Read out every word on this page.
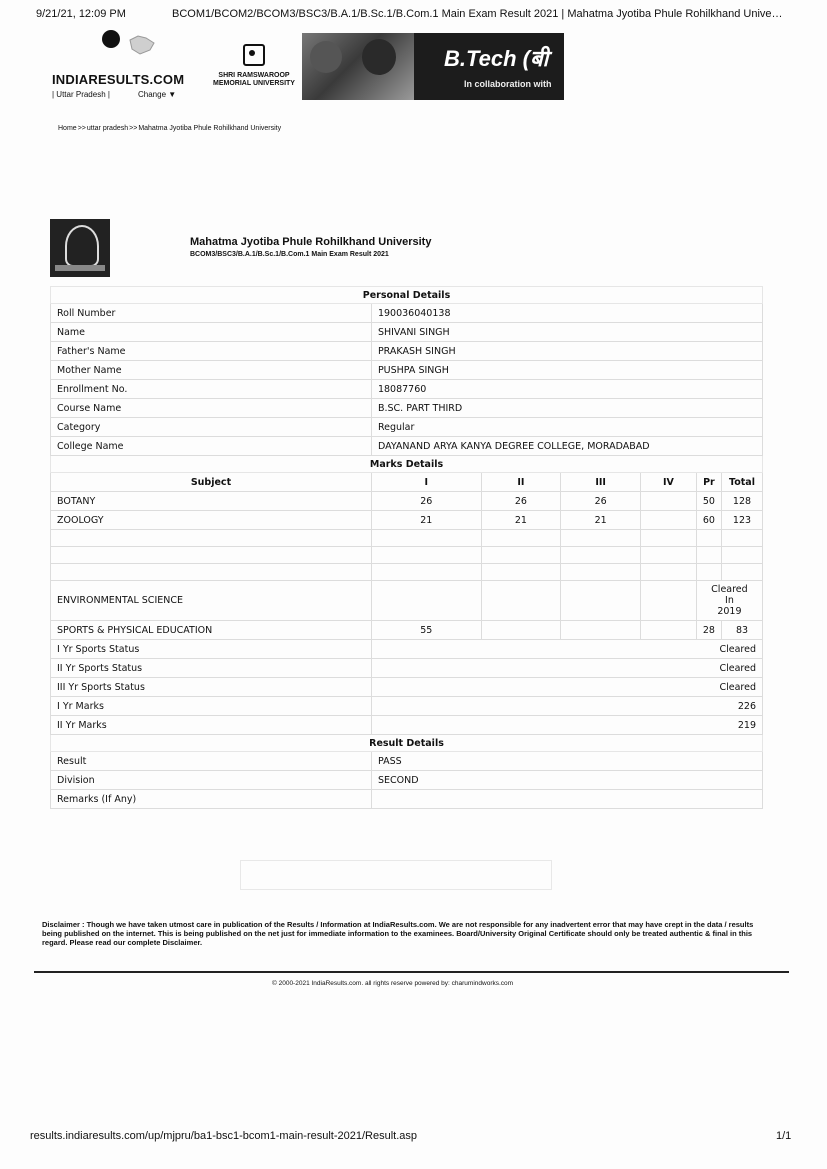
9/21/21, 12:09 PM	BCOM1/BCOM2/BCOM3/BSC3/B.A.1/B.Sc.1/B.Com.1 Main Exam Result 2021 | Mahatma Jyotiba Phule Rohilkhand Unive…
INDIARESULTS.COM
| Uttar Pradesh |	Change ▼
SHRI RAMSWAROOP MEMORIAL UNIVERSITY
B.Tech (बी
In collaboration with
Home>>uttar pradesh>>Mahatma Jyotiba Phule Rohilkhand University
Mahatma Jyotiba Phule Rohilkhand University
BCOM3/BSC3/B.A.1/B.Sc.1/B.Com.1 Main Exam Result 2021
Personal Details						
Roll Number	190036040138					
Name	SHIVANI SINGH					
Father's Name	PRAKASH SINGH					
Mother Name	PUSHPA SINGH					
Enrollment No.	18087760					
Course Name	B.SC. PART THIRD					
Category	Regular					
College Name	DAYANAND ARYA KANYA DEGREE COLLEGE, MORADABAD					
Marks Details						
Subject	I	II	III	IV	Pr	Total
BOTANY	26	26	26		50	128
ZOOLOGY	21	21	21		60	123

ENVIRONMENTAL SCIENCE					Cleared
In
2019	

SPORTS & PHYSICAL EDUCATION	55				28	83
I Yr Sports Status	Cleared					
II Yr Sports Status	Cleared					
III Yr Sports Status	Cleared					
I Yr Marks	226					
II Yr Marks	219					
Result Details						
Result	PASS					
Division	SECOND					
Remarks (If Any)						
Disclaimer : Though we have taken utmost care in publication of the Results / Information at IndiaResults.com. We are not responsible for any inadvertent error that may have crept in the data / results being published on the internet. This is being published on the net just for immediate information to the examinees. Board/University Original Certificate should only be treated authentic & final in this regard. Please read our complete Disclaimer.
© 2000-2021 IndiaResults.com. all rights reserve powered by: charumindworks.com
results.indiaresults.com/up/mjpru/ba1-bsc1-bcom1-main-result-2021/Result.asp	1/1
